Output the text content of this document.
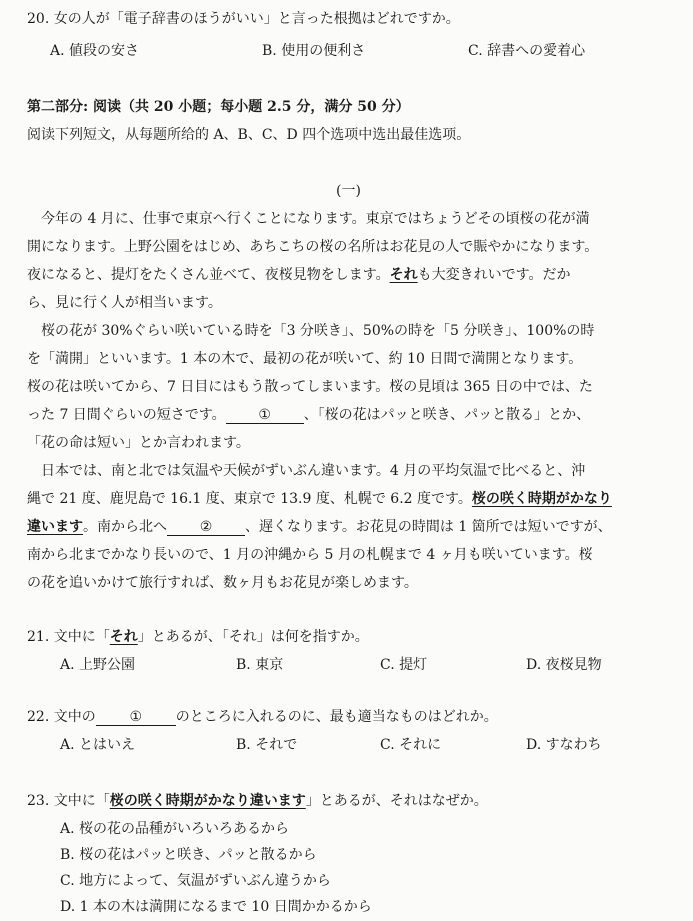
20. 女の人が「電子辞書のほうがいい」と言った根拠はどれですか。
A. 値段の安さ	B. 使用の便利さ	C. 辞書への愛着心
第二部分: 阅读（共 20 小题；每小题 2.5 分，满分 50 分）
阅读下列短文，从每题所给的 A、B、C、D 四个选项中选出最佳选项。
(一)
　今年の 4 月に、仕事で東京へ行くことになります。東京ではちょうどその頃桜の花が満
開になります。上野公園をはじめ、あちこちの桜の名所はお花見の人で賑やかになります。
夜になると、提灯をたくさん並べて、夜桜見物をします。それも大変きれいです。だか
ら、見に行く人が相当います。
　桜の花が 30%ぐらい咲いている時を「3 分咲き」、50%の時を「5 分咲き」、100%の時
を「満開」といいます。1 本の木で、最初の花が咲いて、約 10 日間で満開となります。
桜の花は咲いてから、7 日目にはもう散ってしまいます。桜の見頃は 365 日の中では、た
った 7 日間ぐらいの短さです。 ① 、「桜の花はパッと咲き、パッと散る」とか、
「花の命は短い」とか言われます。
　日本では、南と北では気温や天候がずいぶん違います。4 月の平均気温で比べると、沖
縄で 21 度、鹿児島で 16.1 度、東京で 13.9 度、札幌で 6.2 度です。桜の咲く時期がかなり
違います。南から北へ ② 、遅くなります。お花見の時間は 1 箇所では短いですが、
南から北までかなり長いので、1 月の沖縄から 5 月の札幌まで 4 ヶ月も咲いています。桜
の花を追いかけて旅行すれば、数ヶ月もお花見が楽しめます。
21. 文中に「それ」とあるが、「それ」は何を指すか。
A. 上野公園	B. 東京	C. 提灯	D. 夜桜見物
22. 文中の ① のところに入れるのに、最も適当なものはどれか。
A. とはいえ	B. それで	C. それに	D. すなわち
23. 文中に「桜の咲く時期がかなり違います」とあるが、それはなぜか。
A. 桜の花の品種がいろいろあるから
B. 桜の花はパッと咲き、パッと散るから
C. 地方によって、気温がずいぶん違うから
D. 1 本の木は満開になるまで 10 日間かかるから
